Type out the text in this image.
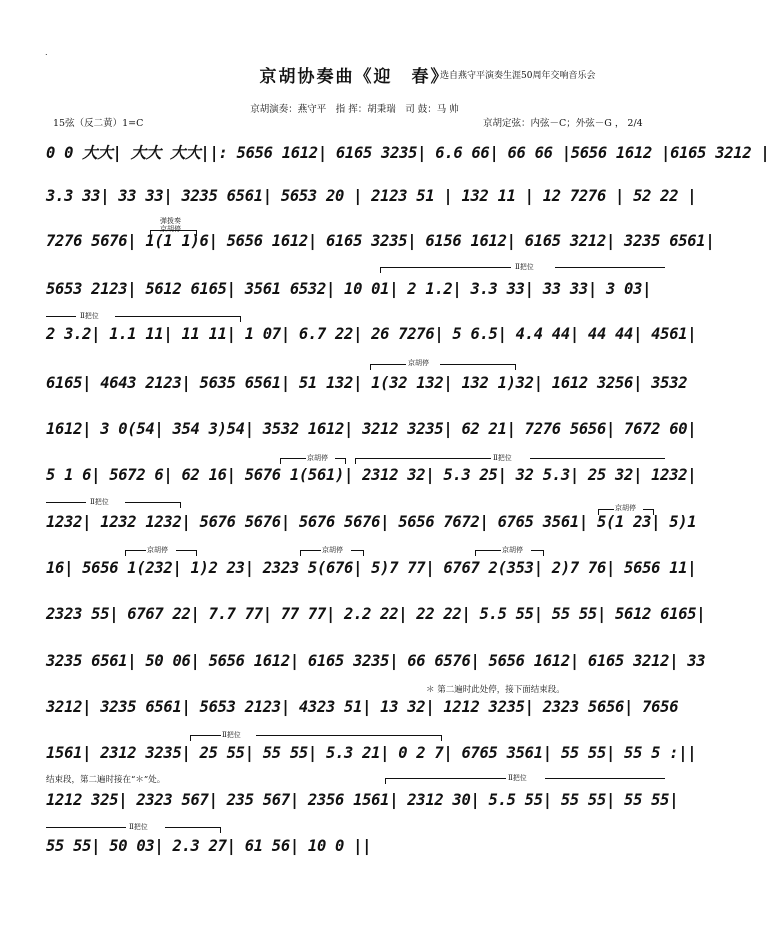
.
京胡协奏曲《迎　春》
选自燕守平演奏生涯50周年交响音乐会
京胡演奏：燕守平　指 挥：胡秉瑞　司 鼓：马 帅
15弦（反二黄）1=C	京胡定弦：内弦－C；外弦－G ， 2/4
0 0 大大| 大大 大大||: 5656 1612| 6165 3235| 6.6 66| 66 66 |5656 1612 |6165 3212 |
3.3 33| 33 33| 3235 6561| 5653 20 | 2123 51 | 132 11 | 12 7276 | 52 22 |
7276 5676| 1(1 1)6| 5656 1612| 6165 3235| 6156 1612| 6165 3212| 3235 6561|
5653 2123| 5612 6165| 3561 6532| 10 01| 2 1.2| 3.3 33| 33 33| 3 03|
2 3.2| 1.1 11| 11 11| 1 07| 6.7 22| 26 7276| 5 6.5| 4.4 44| 44 44| 4561|
6165| 4643 2123| 5635 6561| 51 132| 1(32 132| 132 1)32| 1612 3256| 3532
1612| 3 0(54| 354 3)54| 3532 1612| 3212 3235| 62 21| 7276 5656| 7672 60|
5 1 6| 5672 6| 62 16| 5676 1(561)| 2312 32| 5.3 25| 32 5.3| 25 32| 1232|
1232| 1232 1232| 5676 5676| 5676 5676| 5656 7672| 6765 3561| 5(1 23| 5)1
16| 5656 1(232| 1)2 23| 2323 5(676| 5)7 77| 6767 2(353| 2)7 76| 5656 11|
2323 55| 6767 22| 7.7 77| 77 77| 2.2 22| 22 22| 5.5 55| 55 55| 5612 6165|
3235 6561| 50 06| 5656 1612| 6165 3235| 66 6576| 5656 1612| 6165 3212| 33
3212| 3235 6561| 5653 2123| 4323 51| 13 32| 1212 3235| 2323 5656| 7656
1561| 2312 3235| 25 55| 55 55| 5.3 21| 0 2 7| 6765 3561| 55 55| 55 5 :||
1212 325| 2323 567| 235 567| 2356 1561| 2312 30| 5.5 55| 55 55| 55 55|
55 55| 50 03| 2.3 27| 61 56| 10 0 ||
弹拨奏
京胡停
Ⅱ把位
Ⅱ把位
京胡停
京胡停	Ⅱ把位
Ⅱ把位
京胡停
京胡停	京胡停	京胡停
＊ 第二遍时此处停，接下面结束段。
Ⅱ把位
结束段，第二遍时接在“＊”处。	Ⅱ把位
Ⅱ把位
